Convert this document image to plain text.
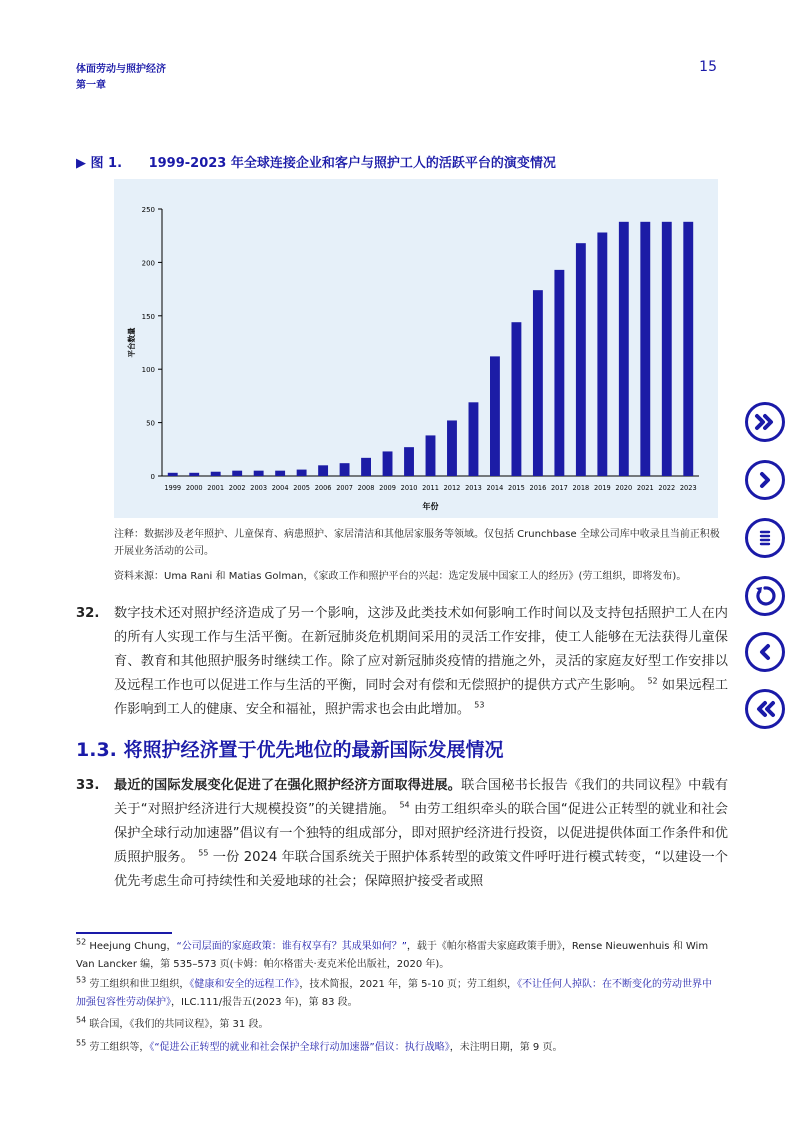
体面劳动与照护经济
第一章
15
▶ 图 1. 1999-2023 年全球连接企业和客户与照护工人的活跃平台的演变情况
0
50
100
150
200
250
1999 2000 2001 2002 2003 2004 2005 2006 2007 2008 2009 2010 2011 2012 2013 2014 2015 2016 2017 2018 2019 2020 2021 2022 2023
年份
平台数量
注释：数据涉及老年照护、儿童保育、病患照护、家居清洁和其他居家服务等领域。仅包括 Crunchbase 全球公司库中收录且当前正积极开展业务活动的公司。
资料来源：Uma Rani 和 Matias Golman，《家政工作和照护平台的兴起：选定发展中国家工人的经历》(劳工组织，即将发布)。
32. 数字技术还对照护经济造成了另一个影响，这涉及此类技术如何影响工作时间以及支持包括照护工人在内的所有人实现工作与生活平衡。在新冠肺炎危机期间采用的灵活工作安排，使工人能够在无法获得儿童保育、教育和其他照护服务时继续工作。除了应对新冠肺炎疫情的措施之外，灵活的家庭友好型工作安排以及远程工作也可以促进工作与生活的平衡，同时会对有偿和无偿照护的提供方式产生影响。 $^{52}$ 如果远程工作影响到工人的健康、安全和福祉，照护需求也会由此增加。 $^{53}$
1.3. 将照护经济置于优先地位的最新国际发展情况
33. 最近的国际发展变化促进了在强化照护经济方面取得进展。联合国秘书长报告《我们的共同议程》中载有关于“对照护经济进行大规模投资”的关键措施。 $^{54}$ 由劳工组织牵头的联合国“促进公正转型的就业和社会保护全球行动加速器”倡议有一个独特的组成部分，即对照护经济进行投资，以促进提供体面工作条件和优质照护服务。 $^{55}$ 一份 2024 年联合国系统关于照护体系转型的政策文件呼吁进行模式转变，“以建设一个优先考虑生命可持续性和关爱地球的社会；保障照护接受者或照
$^{52}$ Heejung Chung，“公司层面的家庭政策：谁有权享有？其成果如何？”，载于《帕尔格雷夫家庭政策手册》，Rense Nieuwenhuis 和 Wim Van Lancker 编，第 535–573 页(卡姆：帕尔格雷夫·麦克米伦出版社，2020 年)。
$^{53}$ 劳工组织和世卫组织，《健康和安全的远程工作》，技术简报，2021 年，第 5-10 页；劳工组织，《不让任何人掉队：在不断变化的劳动世界中加强包容性劳动保护》，ILC.111/报告五(2023 年)，第 83 段。
$^{54}$ 联合国，《我们的共同议程》，第 31 段。
$^{55}$ 劳工组织等，《“促进公正转型的就业和社会保护全球行动加速器”倡议：执行战略》，未注明日期，第 9 页。
